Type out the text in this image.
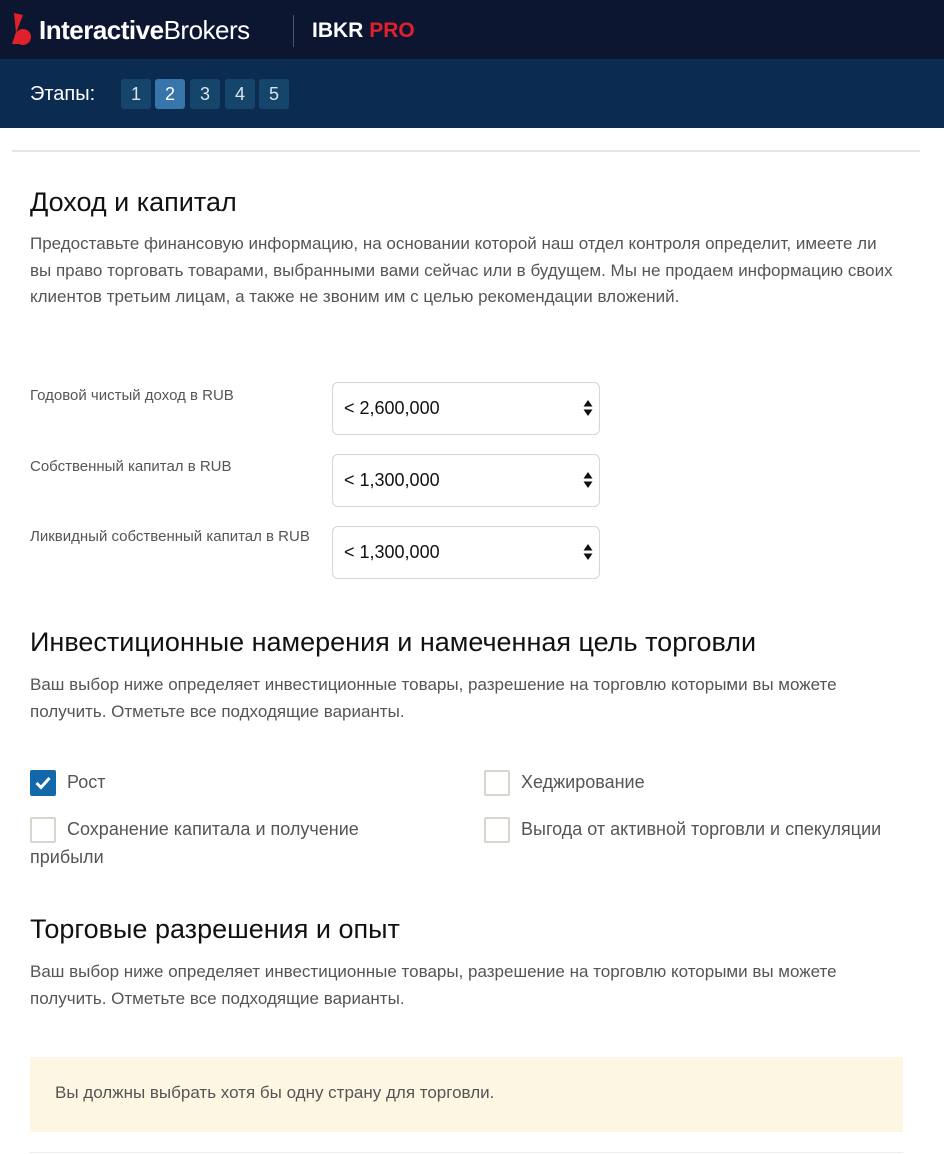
InteractiveBrokers	IBKR PRO
Этапы:	1	2	3	4	5
Доход и капитал

Предоставьте финансовую информацию, на основании которой наш отдел контроля определит, имеете ли вы право торговать товарами, выбранными вами сейчас или в будущем. Мы не продаем информацию своих клиентов третьим лицам, а также не звоним им с целью рекомендации вложений.

Годовой чистый доход в RUB
< 2,600,000
Собственный капитал в RUB
< 1,300,000
Ликвидный собственный капитал в RUB
< 1,300,000
Инвестиционные намерения и намеченная цель торговли

Ваш выбор ниже определяет инвестиционные товары, разрешение на торговлю которыми вы можете получить. Отметьте все подходящие варианты.

Рост	Хеджирование
Сохранение капитала и получение прибыли
Выгода от активной торговли и спекуляции
Торговые разрешения и опыт

Ваш выбор ниже определяет инвестиционные товары, разрешение на торговлю которыми вы можете получить. Отметьте все подходящие варианты.

Вы должны выбрать хотя бы одну страну для торговли.
